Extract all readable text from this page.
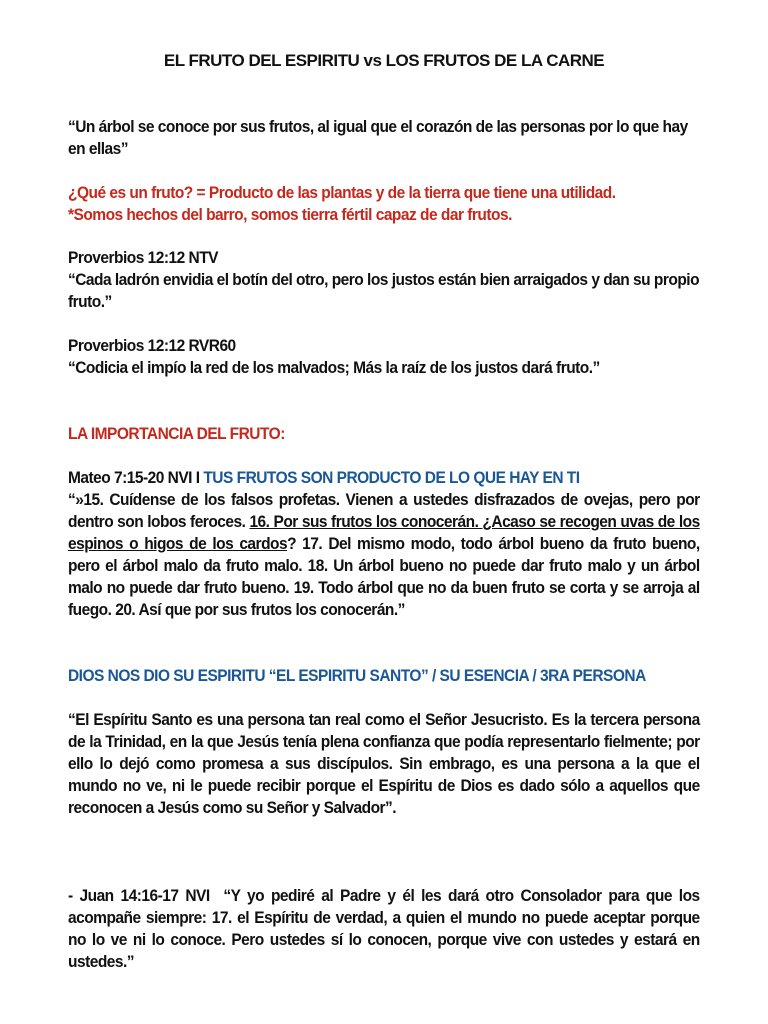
EL FRUTO DEL ESPIRITU vs LOS FRUTOS DE LA CARNE
“Un árbol se conoce por sus frutos, al igual que el corazón de las personas por lo que hay en ellas”
¿Qué es un fruto? = Producto de las plantas y de la tierra que tiene una utilidad.
*Somos hechos del barro, somos tierra fértil capaz de dar frutos.
Proverbios 12:12 NTV
“Cada ladrón envidia el botín del otro, pero los justos están bien arraigados y dan su propio fruto.”
Proverbios 12:12 RVR60
“Codicia el impío la red de los malvados; Más la raíz de los justos dará fruto.”
LA IMPORTANCIA DEL FRUTO:
Mateo 7:15-20 NVI I TUS FRUTOS SON PRODUCTO DE LO QUE HAY EN TI
“»15. Cuídense de los falsos profetas. Vienen a ustedes disfrazados de ovejas, pero por dentro son lobos feroces. 16. Por sus frutos los conocerán. ¿Acaso se recogen uvas de los espinos o higos de los cardos? 17. Del mismo modo, todo árbol bueno da fruto bueno, pero el árbol malo da fruto malo. 18. Un árbol bueno no puede dar fruto malo y un árbol malo no puede dar fruto bueno. 19. Todo árbol que no da buen fruto se corta y se arroja al fuego. 20. Así que por sus frutos los conocerán.”
DIOS NOS DIO SU ESPIRITU “EL ESPIRITU SANTO” / SU ESENCIA / 3RA PERSONA
“El Espíritu Santo es una persona tan real como el Señor Jesucristo. Es la tercera persona de la Trinidad, en la que Jesús tenía plena confianza que podía representarlo fielmente; por ello lo dejó como promesa a sus discípulos. Sin embrago, es una persona a la que el mundo no ve, ni le puede recibir porque el Espíritu de Dios es dado sólo a aquellos que reconocen a Jesús como su Señor y Salvador”.
- Juan 14:16-17 NVI “Y yo pediré al Padre y él les dará otro Consolador para que los acompañe siempre: 17. el Espíritu de verdad, a quien el mundo no puede aceptar porque no lo ve ni lo conoce. Pero ustedes sí lo conocen, porque vive con ustedes y estará en ustedes.”
